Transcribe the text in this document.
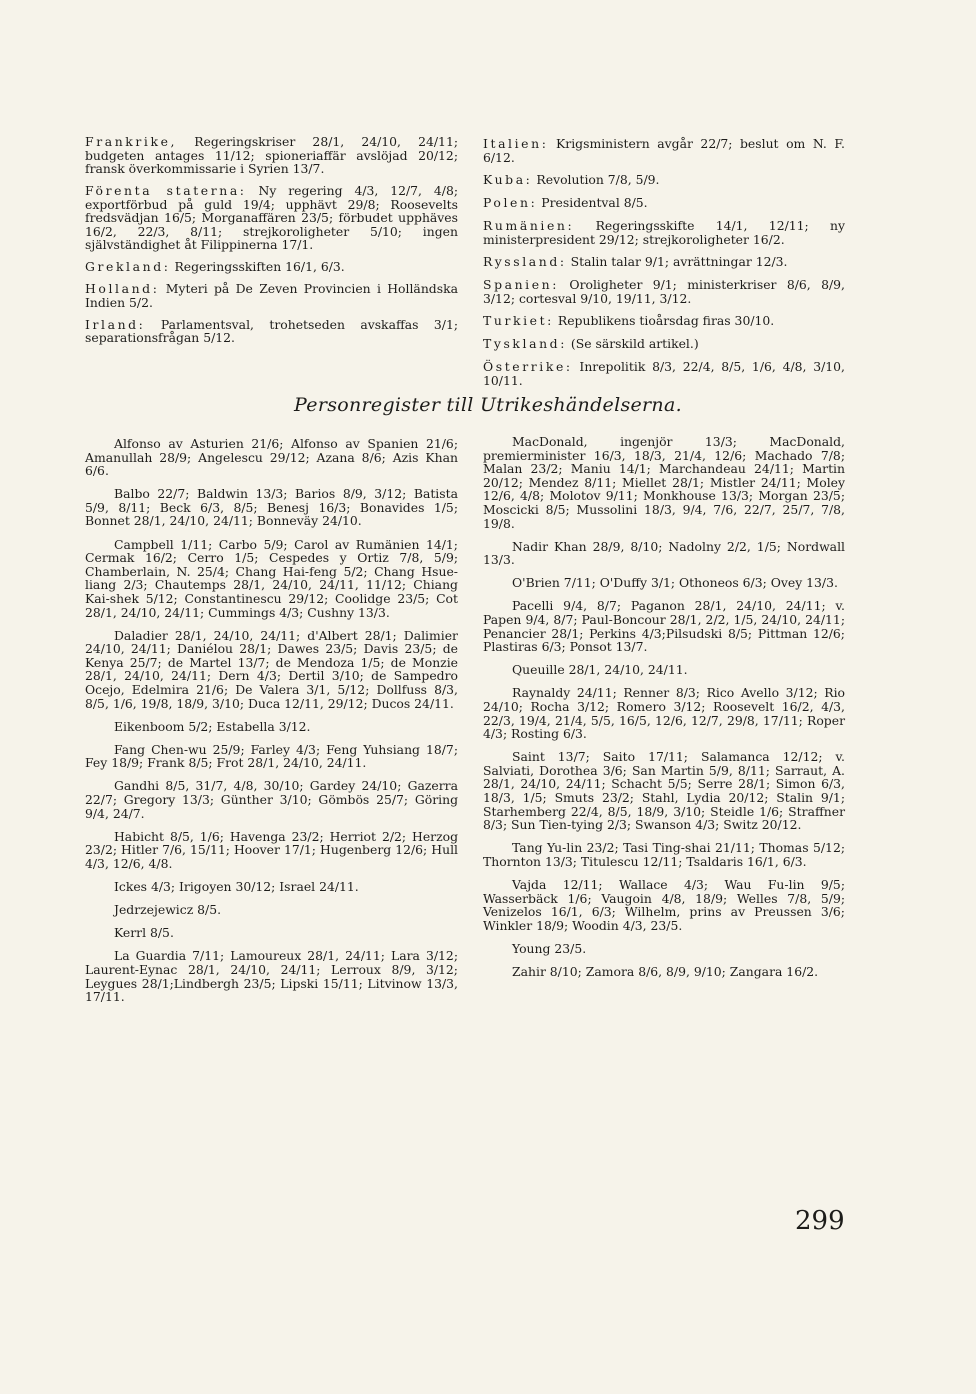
Frankrike, Regeringskriser 28/1, 24/10, 24/11; budgeten antages 11/12; spioneriaffär avslöjad 20/12; fransk överkommissarie i Syrien 13/7.

Förenta staterna: Ny regering 4/3, 12/7, 4/8; exportförbud på guld 19/4; upphävt 29/8; Roosevelts fredsvädjan 16/5; Morganaffären 23/5; förbudet upphäves 16/2, 22/3, 8/11; strejkoroligheter 5/10; ingen självständighet åt Filippinerna 17/1.

Grekland: Regeringsskiften 16/1, 6/3.

Holland: Myteri på De Zeven Provincien i Holländska Indien 5/2.

Irland: Parlamentsval, trohetseden avskaffas 3/1; separationsfrågan 5/12.

Italien: Krigsministern avgår 22/7; beslut om N. F. 6/12.

Kuba: Revolution 7/8, 5/9.

Polen: Presidentval 8/5.

Rumänien: Regeringsskifte 14/1, 12/11; ny ministerpresident 29/12; strejkoroligheter 16/2.

Ryssland: Stalin talar 9/1; avrättningar 12/3.

Spanien: Oroligheter 9/1; ministerkriser 8/6, 8/9, 3/12; cortesval 9/10, 19/11, 3/12.

Turkiet: Republikens tioårsdag firas 30/10.

Tyskland: (Se särskild artikel.)

Österrike: Inrepolitik 8/3, 22/4, 8/5, 1/6, 4/8, 3/10, 10/11.

Personregister till Utrikeshändelserna.

Alfonso av Asturien 21/6; Alfonso av Spanien 21/6; Amanullah 28/9; Angelescu 29/12; Azana 8/6; Azis Khan 6/6.

Balbo 22/7; Baldwin 13/3; Barios 8/9, 3/12; Batista 5/9, 8/11; Beck 6/3, 8/5; Benesj 16/3; Bonavides 1/5; Bonnet 28/1, 24/10, 24/11; Bonneväy 24/10.

Campbell 1/11; Carbo 5/9; Carol av Rumänien 14/1; Cermak 16/2; Cerro 1/5; Cespedes y Ortiz 7/8, 5/9; Chamberlain, N. 25/4; Chang Hai-feng 5/2; Chang Hsue-liang 2/3; Chautemps 28/1, 24/10, 24/11, 11/12; Chiang Kai-shek 5/12; Constantinescu 29/12; Coolidge 23/5; Cot 28/1, 24/10, 24/11; Cummings 4/3; Cushny 13/3.

Daladier 28/1, 24/10, 24/11; d'Albert 28/1; Dalimier 24/10, 24/11; Daniélou 28/1; Dawes 23/5; Davis 23/5; de Kenya 25/7; de Martel 13/7; de Mendoza 1/5; de Monzie 28/1, 24/10, 24/11; Dern 4/3; Dertil 3/10; de Sampedro Ocejo, Edelmira 21/6; De Valera 3/1, 5/12; Dollfuss 8/3, 8/5, 1/6, 19/8, 18/9, 3/10; Duca 12/11, 29/12; Ducos 24/11.

Eikenboom 5/2; Estabella 3/12.

Fang Chen-wu 25/9; Farley 4/3; Feng Yuhsiang 18/7; Fey 18/9; Frank 8/5; Frot 28/1, 24/10, 24/11.

Gandhi 8/5, 31/7, 4/8, 30/10; Gardey 24/10; Gazerra 22/7; Gregory 13/3; Günther 3/10; Gömbös 25/7; Göring 9/4, 24/7.

Habicht 8/5, 1/6; Havenga 23/2; Herriot 2/2; Herzog 23/2; Hitler 7/6, 15/11; Hoover 17/1; Hugenberg 12/6; Hull 4/3, 12/6, 4/8.

Ickes 4/3; Irigoyen 30/12; Israel 24/11.

Jedrzejewicz 8/5.

Kerrl 8/5.

La Guardia 7/11; Lamoureux 28/1, 24/11; Lara 3/12; Laurent-Eynac 28/1, 24/10, 24/11; Lerroux 8/9, 3/12; Leygues 28/1;Lindbergh 23/5; Lipski 15/11; Litvinow 13/3, 17/11.

MacDonald, ingenjör 13/3; MacDonald, premierminister 16/3, 18/3, 21/4, 12/6; Machado 7/8; Malan 23/2; Maniu 14/1; Marchandeau 24/11; Martin 20/12; Mendez 8/11; Miellet 28/1; Mistler 24/11; Moley 12/6, 4/8; Molotov 9/11; Monkhouse 13/3; Morgan 23/5; Moscicki 8/5; Mussolini 18/3, 9/4, 7/6, 22/7, 25/7, 7/8, 19/8.

Nadir Khan 28/9, 8/10; Nadolny 2/2, 1/5; Nordwall 13/3.

O'Brien 7/11; O'Duffy 3/1; Othoneos 6/3; Ovey 13/3.

Pacelli 9/4, 8/7; Paganon 28/1, 24/10, 24/11; v. Papen 9/4, 8/7; Paul-Boncour 28/1, 2/2, 1/5, 24/10, 24/11; Penancier 28/1; Perkins 4/3;Pilsudski 8/5; Pittman 12/6; Plastiras 6/3; Ponsot 13/7.

Queuille 28/1, 24/10, 24/11.

Raynaldy 24/11; Renner 8/3; Rico Avello 3/12; Rio 24/10; Rocha 3/12; Romero 3/12; Roosevelt 16/2, 4/3, 22/3, 19/4, 21/4, 5/5, 16/5, 12/6, 12/7, 29/8, 17/11; Roper 4/3; Rosting 6/3.

Saint 13/7; Saito 17/11; Salamanca 12/12; v. Salviati, Dorothea 3/6; San Martin 5/9, 8/11; Sarraut, A. 28/1, 24/10, 24/11; Schacht 5/5; Serre 28/1; Simon 6/3, 18/3, 1/5; Smuts 23/2; Stahl, Lydia 20/12; Stalin 9/1; Starhemberg 22/4, 8/5, 18/9, 3/10; Steidle 1/6; Straffner 8/3; Sun Tien-tying 2/3; Swanson 4/3; Switz 20/12.

Tang Yu-lin 23/2; Tasi Ting-shai 21/11; Thomas 5/12; Thornton 13/3; Titulescu 12/11; Tsaldaris 16/1, 6/3.

Vajda 12/11; Wallace 4/3; Wau Fu-lin 9/5; Wasserbäck 1/6; Vaugoin 4/8, 18/9; Welles 7/8, 5/9; Venizelos 16/1, 6/3; Wilhelm, prins av Preussen 3/6; Winkler 18/9; Woodin 4/3, 23/5.

Young 23/5.

Zahir 8/10; Zamora 8/6, 8/9, 9/10; Zangara 16/2.

299
